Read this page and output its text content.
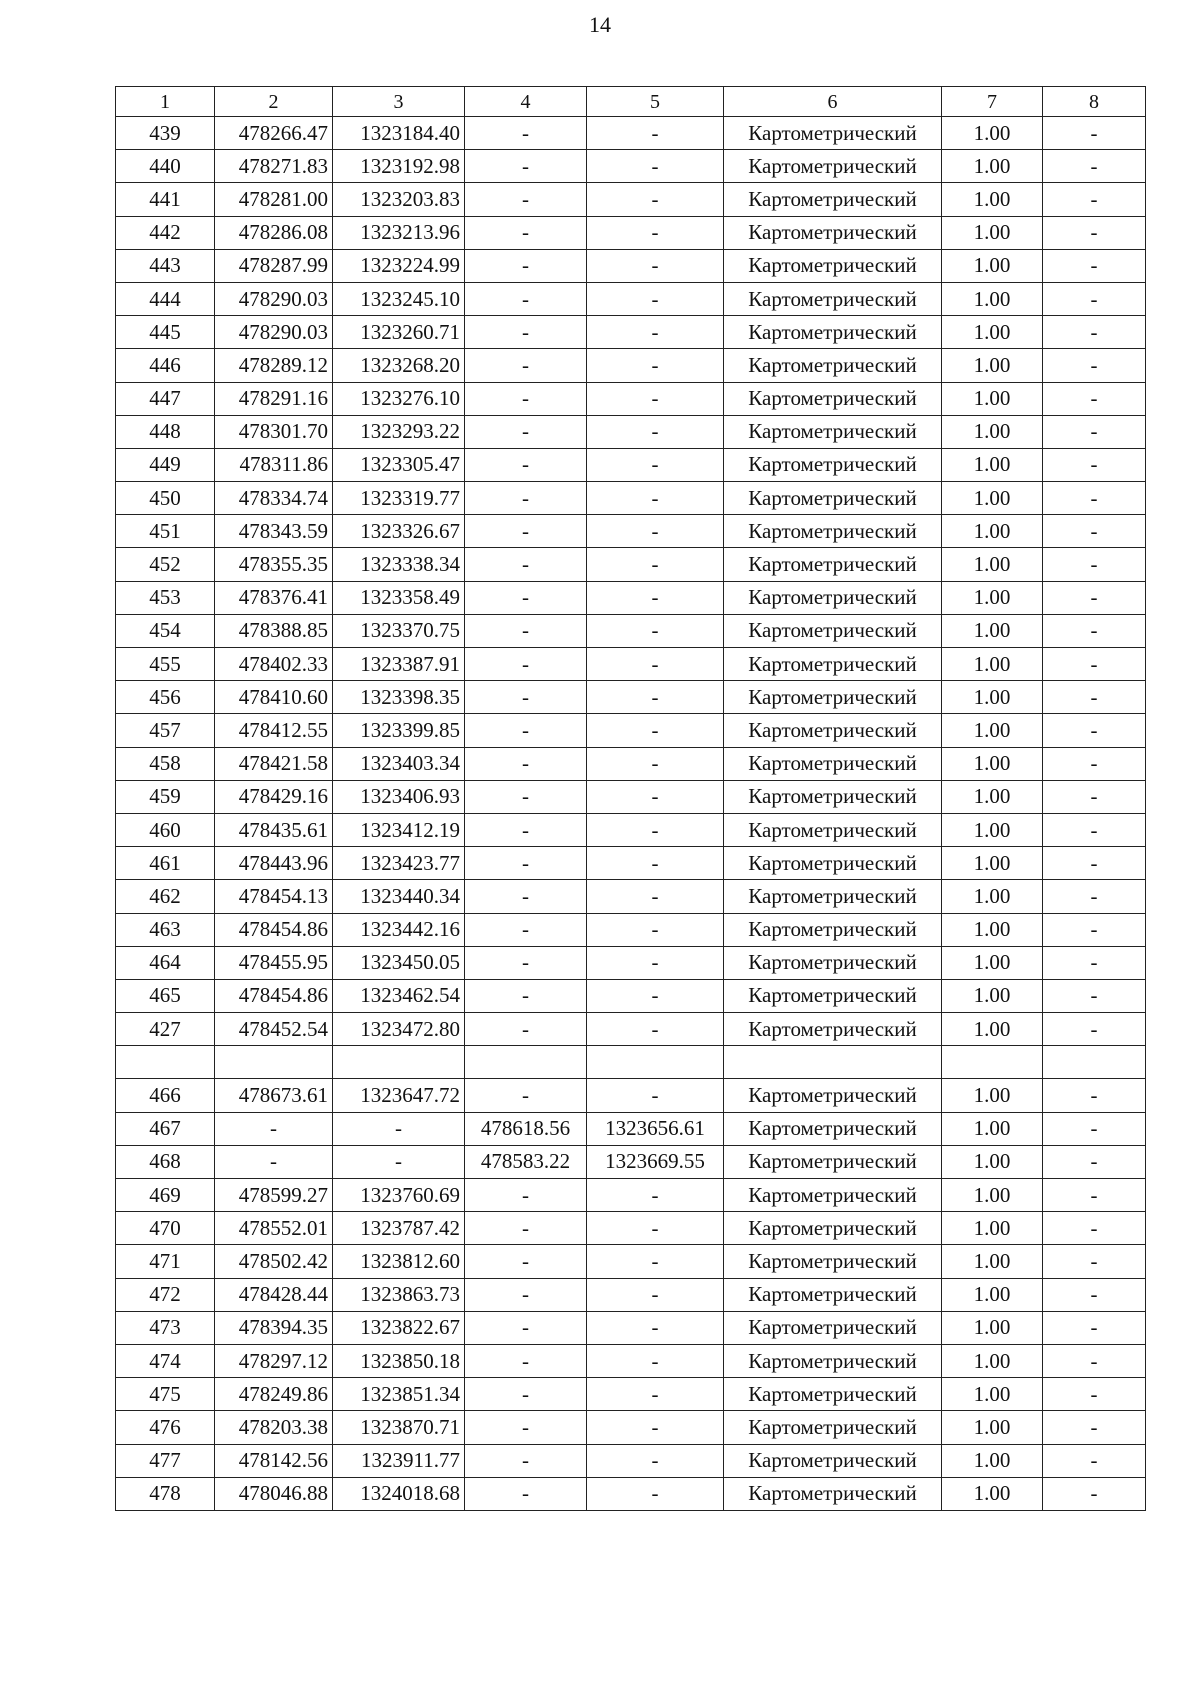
14
1	2	3	4	5	6	7	8
439	478266.47	1323184.40	-	-	Картометрический	1.00	-
440	478271.83	1323192.98	-	-	Картометрический	1.00	-
441	478281.00	1323203.83	-	-	Картометрический	1.00	-
442	478286.08	1323213.96	-	-	Картометрический	1.00	-
443	478287.99	1323224.99	-	-	Картометрический	1.00	-
444	478290.03	1323245.10	-	-	Картометрический	1.00	-
445	478290.03	1323260.71	-	-	Картометрический	1.00	-
446	478289.12	1323268.20	-	-	Картометрический	1.00	-
447	478291.16	1323276.10	-	-	Картометрический	1.00	-
448	478301.70	1323293.22	-	-	Картометрический	1.00	-
449	478311.86	1323305.47	-	-	Картометрический	1.00	-
450	478334.74	1323319.77	-	-	Картометрический	1.00	-
451	478343.59	1323326.67	-	-	Картометрический	1.00	-
452	478355.35	1323338.34	-	-	Картометрический	1.00	-
453	478376.41	1323358.49	-	-	Картометрический	1.00	-
454	478388.85	1323370.75	-	-	Картометрический	1.00	-
455	478402.33	1323387.91	-	-	Картометрический	1.00	-
456	478410.60	1323398.35	-	-	Картометрический	1.00	-
457	478412.55	1323399.85	-	-	Картометрический	1.00	-
458	478421.58	1323403.34	-	-	Картометрический	1.00	-
459	478429.16	1323406.93	-	-	Картометрический	1.00	-
460	478435.61	1323412.19	-	-	Картометрический	1.00	-
461	478443.96	1323423.77	-	-	Картометрический	1.00	-
462	478454.13	1323440.34	-	-	Картометрический	1.00	-
463	478454.86	1323442.16	-	-	Картометрический	1.00	-
464	478455.95	1323450.05	-	-	Картометрический	1.00	-
465	478454.86	1323462.54	-	-	Картометрический	1.00	-
427	478452.54	1323472.80	-	-	Картометрический	1.00	-

466	478673.61	1323647.72	-	-	Картометрический	1.00	-
467	-	-	478618.56	1323656.61	Картометрический	1.00	-
468	-	-	478583.22	1323669.55	Картометрический	1.00	-
469	478599.27	1323760.69	-	-	Картометрический	1.00	-
470	478552.01	1323787.42	-	-	Картометрический	1.00	-
471	478502.42	1323812.60	-	-	Картометрический	1.00	-
472	478428.44	1323863.73	-	-	Картометрический	1.00	-
473	478394.35	1323822.67	-	-	Картометрический	1.00	-
474	478297.12	1323850.18	-	-	Картометрический	1.00	-
475	478249.86	1323851.34	-	-	Картометрический	1.00	-
476	478203.38	1323870.71	-	-	Картометрический	1.00	-
477	478142.56	1323911.77	-	-	Картометрический	1.00	-
478	478046.88	1324018.68	-	-	Картометрический	1.00	-
